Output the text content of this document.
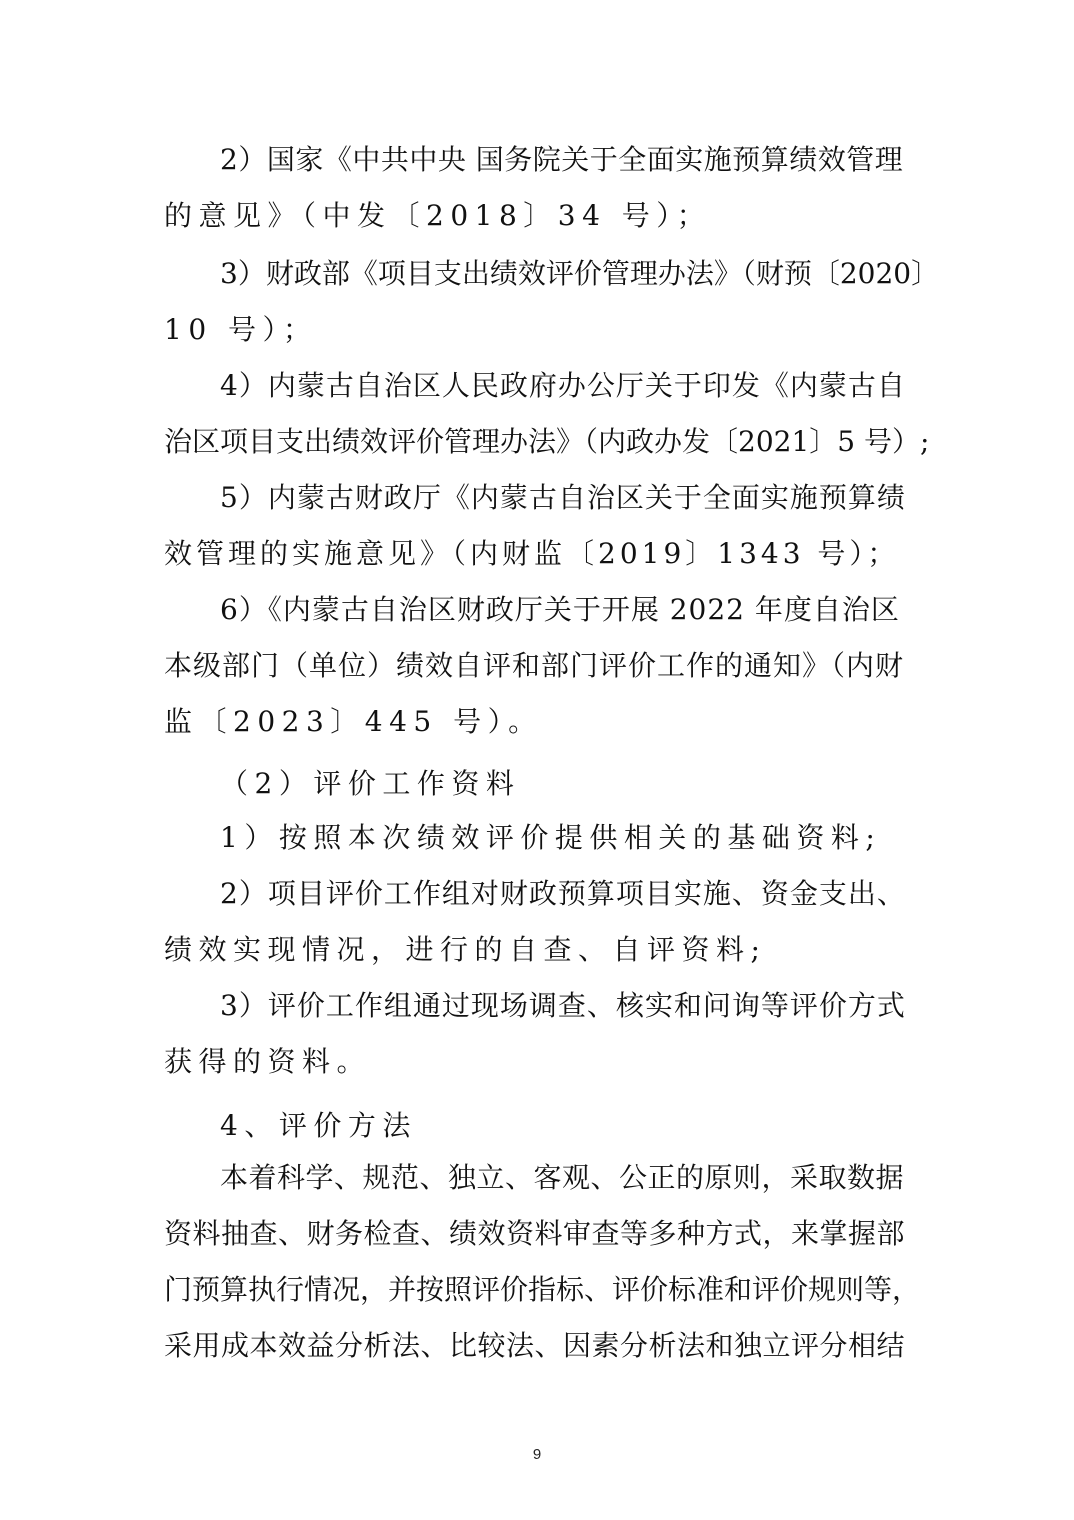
2）国家《中共中央 国务院关于全面实施预算绩效管理
的意见》（中发〔2018〕34 号）；
3）财政部《项目支出绩效评价管理办法》（财预〔2020〕
10 号）；
4）内蒙古自治区人民政府办公厅关于印发《内蒙古自
治区项目支出绩效评价管理办法》（内政办发〔2021〕5 号）;
5）内蒙古财政厅《内蒙古自治区关于全面实施预算绩
效管理的实施意见》（内财监〔2019〕1343 号）；
6）《内蒙古自治区财政厅关于开展 2022 年度自治区
本级部门（单位）绩效自评和部门评价工作的通知》（内财
监〔2023〕445 号）。
（2）评价工作资料
1）按照本次绩效评价提供相关的基础资料;
2）项目评价工作组对财政预算项目实施、资金支出、
绩效实现情况，进行的自查、自评资料;
3）评价工作组通过现场调查、核实和问询等评价方式
获得的资料。
4、评价方法
本着科学、规范、独立、客观、公正的原则，采取数据
资料抽查、财务检查、绩效资料审查等多种方式，来掌握部
门预算执行情况，并按照评价指标、评价标准和评价规则等，
采用成本效益分析法、比较法、因素分析法和独立评分相结
9
